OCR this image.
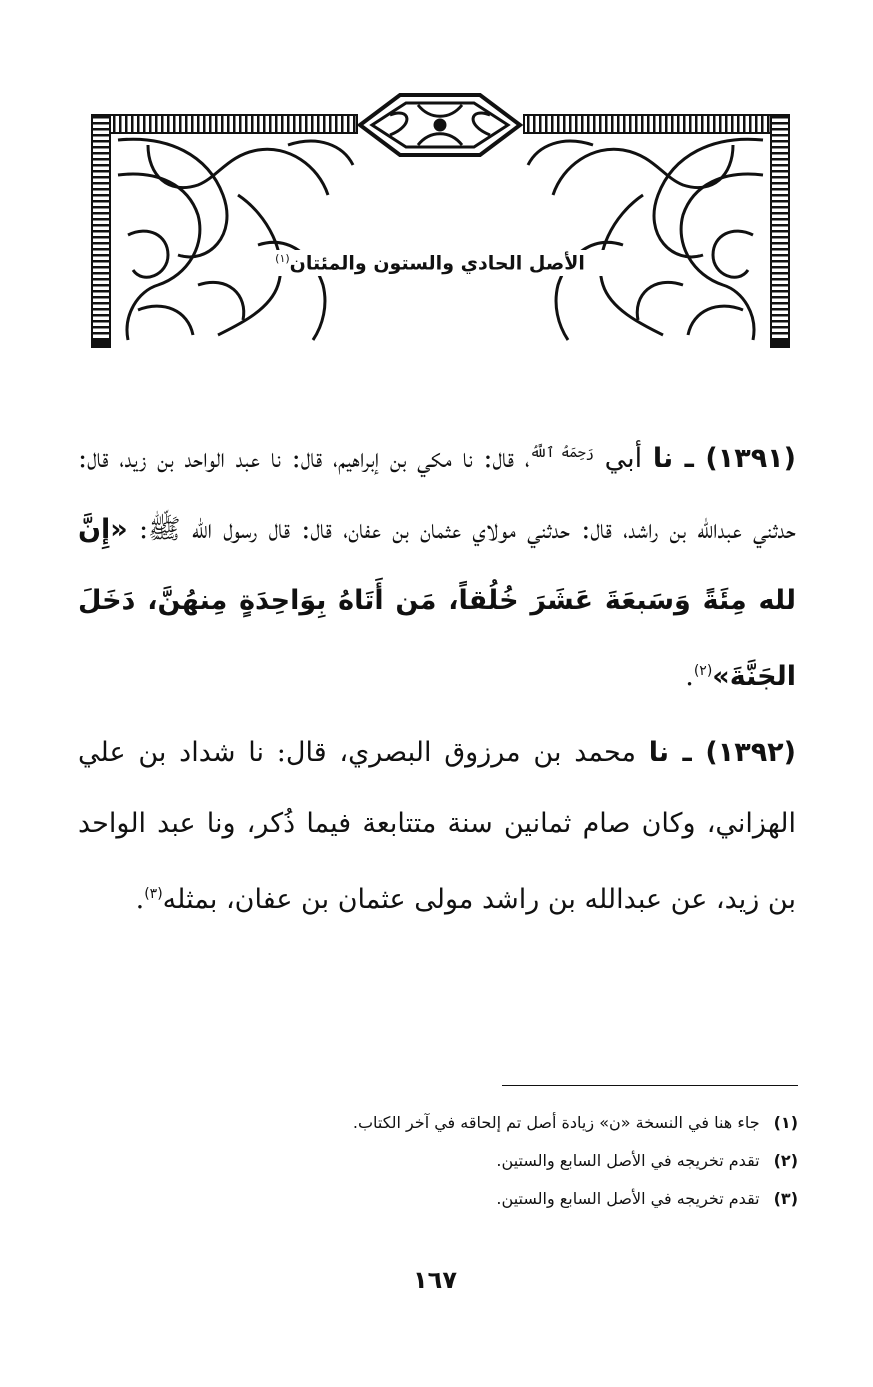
الأصل الحادي والستون والمئتان$^{(١)}$

(١٣٩١) ـ نا أبي $^{رَحِمَهُ ٱللَّهُ}$، قال: نا مكي بن إبراهيم، قال: نا عبد الواحد بن زيد، قال: حدثني عبدالله بن راشد، قال: حدثني مولاي عثمان بن عفان، قال: قال رسول الله ﷺ: «إِنَّ لله مِئَةً وَسَبعَةَ عَشَرَ خُلُقاً، مَن أَتَاهُ بِوَاحِدَةٍ مِنهُنَّ، دَخَلَ الجَنَّةَ»$^{(٢)}$.

(١٣٩٢) ـ نا محمد بن مرزوق البصري، قال: نا شداد بن علي الهزاني، وكان صام ثمانين سنة متتابعة فيما ذُكر، ونا عبد الواحد بن زيد، عن عبدالله بن راشد مولى عثمان بن عفان، بمثله$^{(٣)}$.

(١)
جاء هنا في النسخة «ن» زيادة أصل تم إلحاقه في آخر الكتاب.
(٢)
تقدم تخريجه في الأصل السابع والستين.
(٣)
تقدم تخريجه في الأصل السابع والستين.
١٦٧
